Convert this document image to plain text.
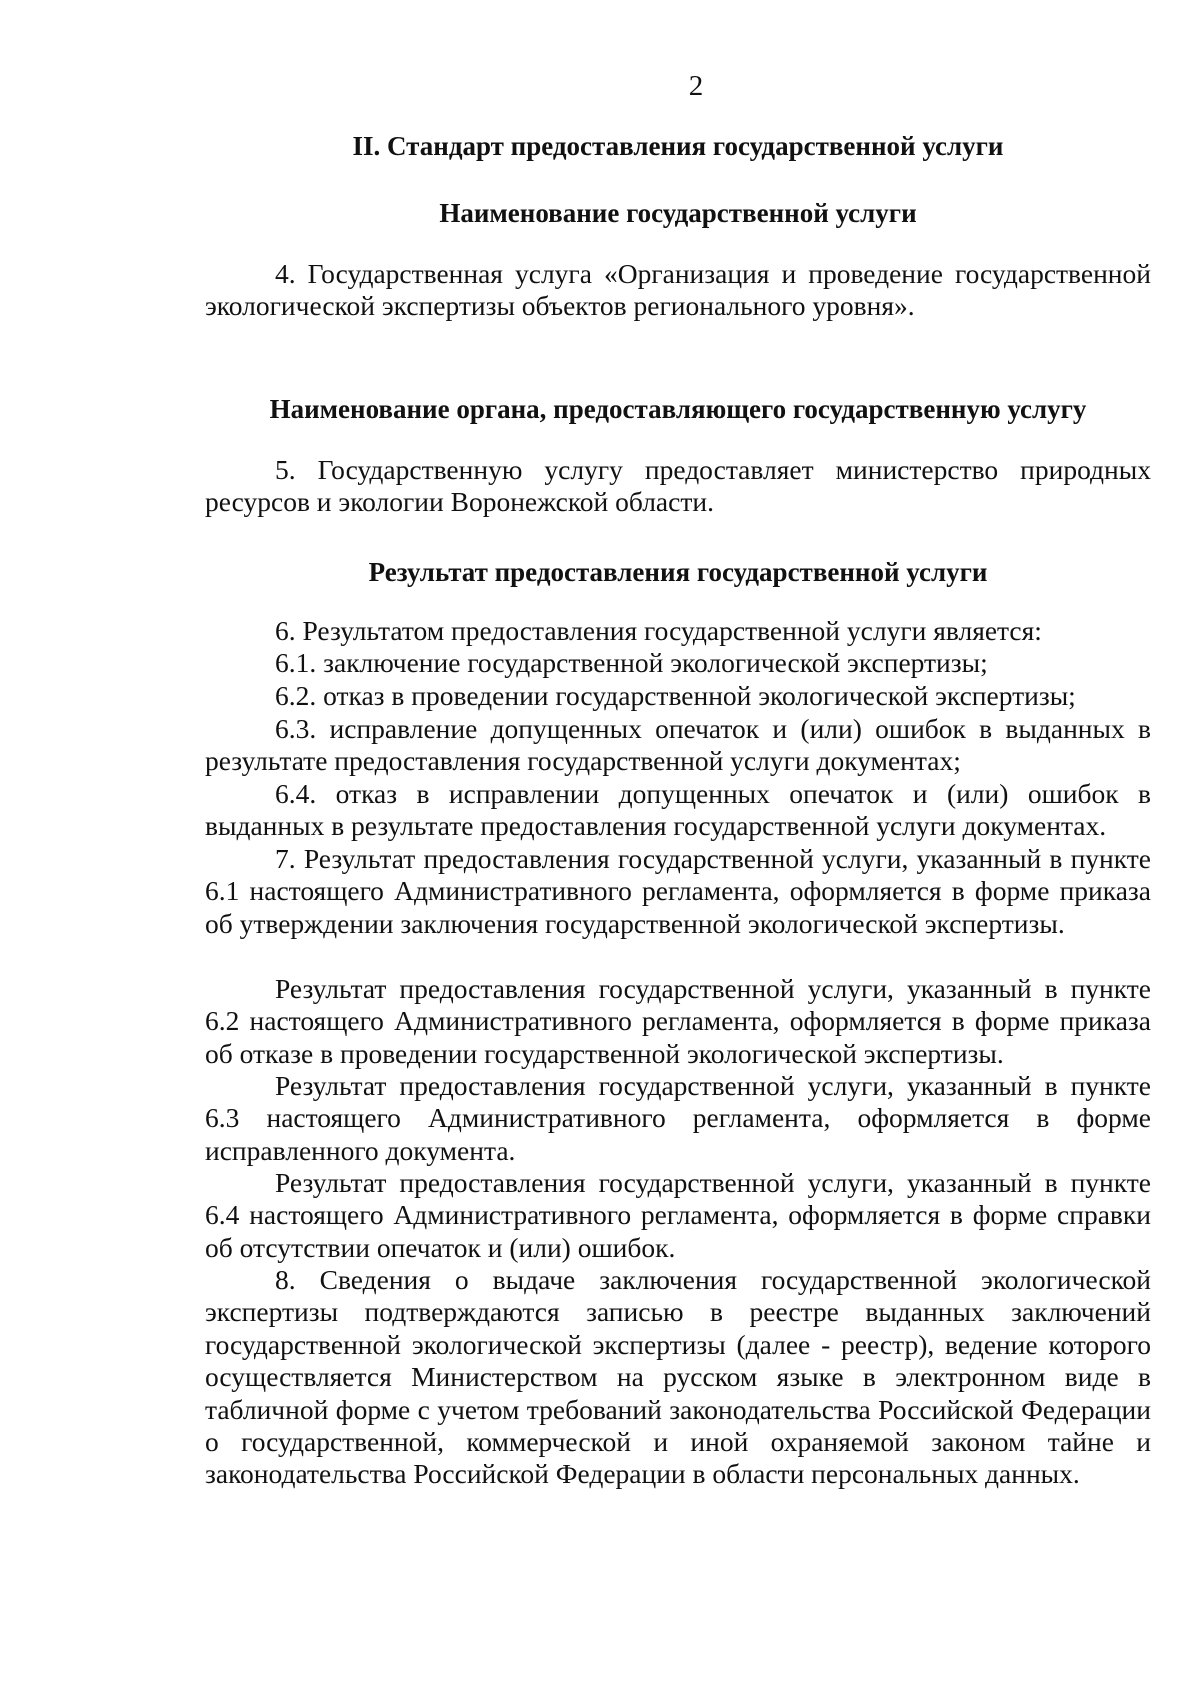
2
II. Стандарт предоставления государственной услуги
Наименование государственной услуги

4. Государственная услуга «Организация и проведение государственной экологической экспертизы объектов регионального уровня».

Наименование органа, предоставляющего государственную услугу

5. Государственную услугу предоставляет министерство природных ресурсов и экологии Воронежской области.

Результат предоставления государственной услуги
6. Результатом предоставления государственной услуги является:
6.1. заключение государственной экологической экспертизы;
6.2. отказ в проведении государственной экологической экспертизы;

6.3. исправление допущенных опечаток и (или) ошибок в выданных в результате предоставления государственной услуги документах;

6.4. отказ в исправлении допущенных опечаток и (или) ошибок в выданных в результате предоставления государственной услуги документах.

7. Результат предоставления государственной услуги, указанный в пункте 6.1 настоящего Административного регламента, оформляется в форме приказа об утверждении заключения государственной экологической экспертизы.

Результат предоставления государственной услуги, указанный в пункте 6.2 настоящего Административного регламента, оформляется в форме приказа об отказе в проведении государственной экологической экспертизы.

Результат предоставления государственной услуги, указанный в пункте 6.3 настоящего Административного регламента, оформляется в форме исправленного документа.

Результат предоставления государственной услуги, указанный в пункте 6.4 настоящего Административного регламента, оформляется в форме справки об отсутствии опечаток и (или) ошибок.

8. Сведения о выдаче заключения государственной экологической экспертизы подтверждаются записью в реестре выданных заключений государственной экологической экспертизы (далее - реестр), ведение которого осуществляется Министерством на русском языке в электронном виде в табличной форме с учетом требований законодательства Российской Федерации о государственной, коммерческой и иной охраняемой законом тайне и законодательства Российской Федерации в области персональных данных.
